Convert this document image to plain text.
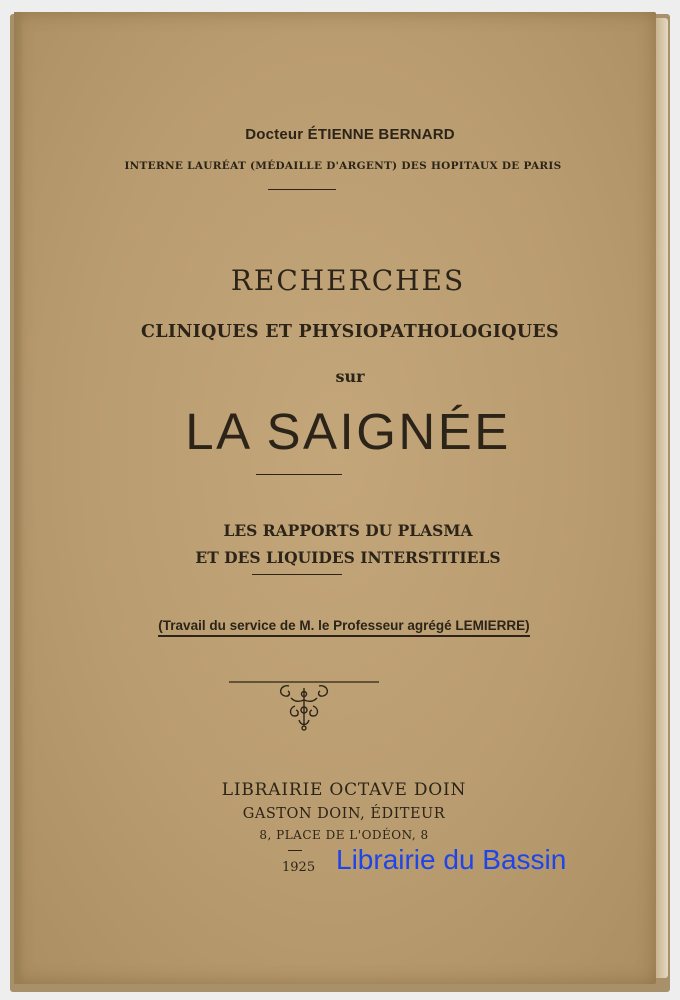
Docteur ÉTIENNE BERNARD
INTERNE LAURÉAT (MÉDAILLE D'ARGENT) DES HOPITAUX DE PARIS
RECHERCHES
CLINIQUES ET PHYSIOPATHOLOGIQUES
sur
LA SAIGNÉE
LES RAPPORTS DU PLASMA
ET DES LIQUIDES INTERSTITIELS
(Travail du service de M. le Professeur agrégé LEMIERRE)
LIBRAIRIE OCTAVE DOIN
GASTON DOIN, ÉDITEUR
8, PLACE DE L'ODÉON, 8
1925 Librairie du Bassin
